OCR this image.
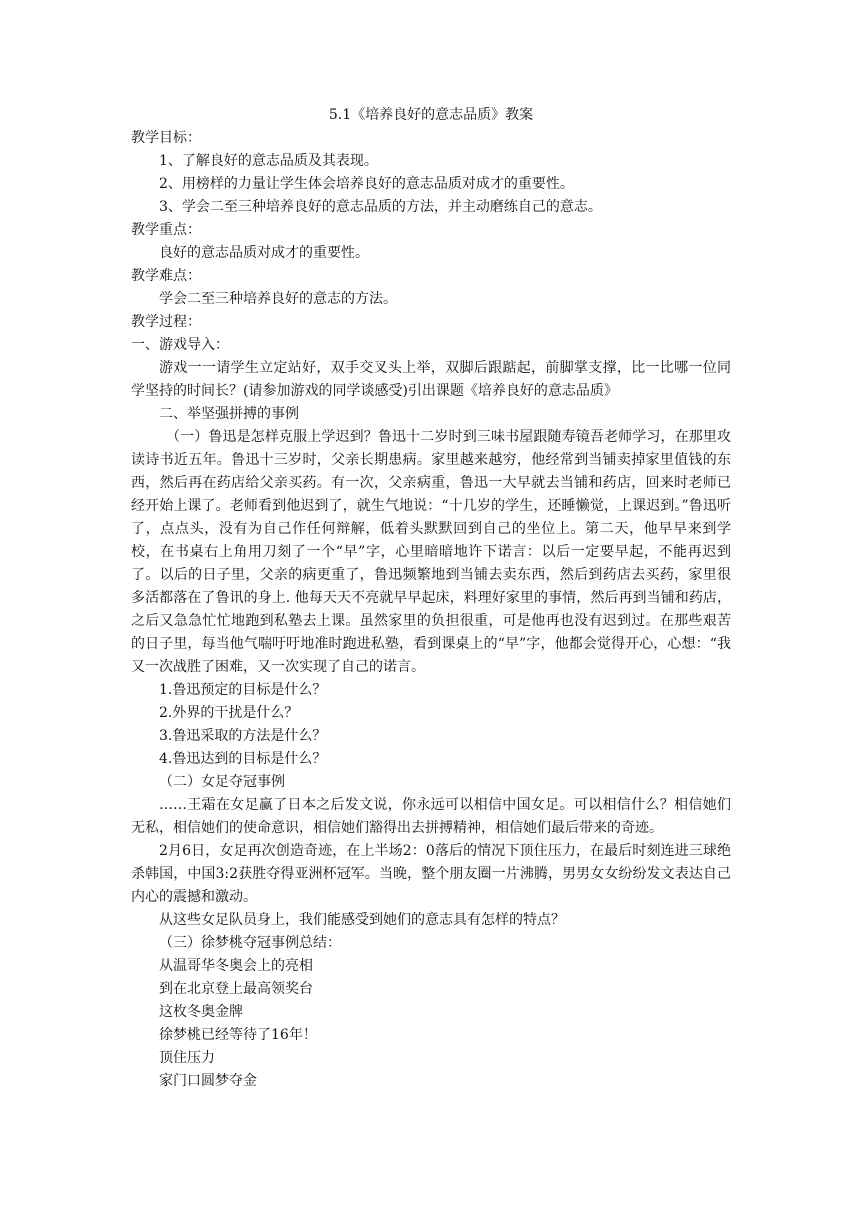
5.1《培养良好的意志品质》教案

教学目标：

1、了解良好的意志品质及其表现。

2、用榜样的力量让学生体会培养良好的意志品质对成才的重要性。

3、学会二至三种培养良好的意志品质的方法，并主动磨练自己的意志。

教学重点：

良好的意志品质对成才的重要性。

教学难点：

学会二至三种培养良好的意志的方法。

教学过程：

一、游戏导入：

游戏一一请学生立定站好，双手交叉头上举，双脚后跟踮起，前脚掌支撑，比一比哪一位同学坚持的时间长？(请参加游戏的同学谈感受)引出课题《培养良好的意志品质》

二、举坚强拼搏的事例

（一）鲁迅是怎样克服上学迟到？鲁迅十二岁时到三味书屋跟随寿镜吾老师学习，在那里攻读诗书近五年。鲁迅十三岁时，父亲长期患病。家里越来越穷，他经常到当铺卖掉家里值钱的东西，然后再在药店给父亲买药。有一次，父亲病重，鲁迅一大早就去当铺和药店，回来时老师已经开始上课了。老师看到他迟到了，就生气地说：“十几岁的学生，还睡懒觉，上课迟到。”鲁迅听了，点点头，没有为自己作任何辩解，低着头默默回到自己的坐位上。第二天，他早早来到学校，在书桌右上角用刀刻了一个“早”字，心里暗暗地许下诺言：以后一定要早起，不能再迟到了。以后的日子里，父亲的病更重了，鲁迅频繁地到当铺去卖东西，然后到药店去买药，家里很多活都落在了鲁讯的身上. 他每天天不亮就早早起床，料理好家里的事情，然后再到当铺和药店，之后又急急忙忙地跑到私塾去上课。虽然家里的负担很重，可是他再也没有迟到过。在那些艰苦的日子里，每当他气喘吁吁地准时跑进私塾，看到课桌上的“早”字，他都会觉得开心，心想：“我又一次战胜了困难，又一次实现了自己的诺言。

1.鲁迅预定的目标是什么？

2.外界的干扰是什么？

3.鲁迅采取的方法是什么？

4.鲁迅达到的目标是什么？

（二）女足夺冠事例

……王霜在女足赢了日本之后发文说，你永远可以相信中国女足。可以相信什么？相信她们无私，相信她们的使命意识，相信她们豁得出去拼搏精神，相信她们最后带来的奇迹。

2月6日，女足再次创造奇迹，在上半场2：0落后的情况下顶住压力，在最后时刻连进三球绝杀韩国，中国3:2获胜夺得亚洲杯冠军。当晚，整个朋友圈一片沸腾，男男女女纷纷发文表达自己内心的震撼和激动。

从这些女足队员身上，我们能感受到她们的意志具有怎样的特点？

（三）徐梦桃夺冠事例总结：

从温哥华冬奥会上的亮相

到在北京登上最高领奖台

这枚冬奥金牌

徐梦桃已经等待了16年！

顶住压力

家门口圆梦夺金
